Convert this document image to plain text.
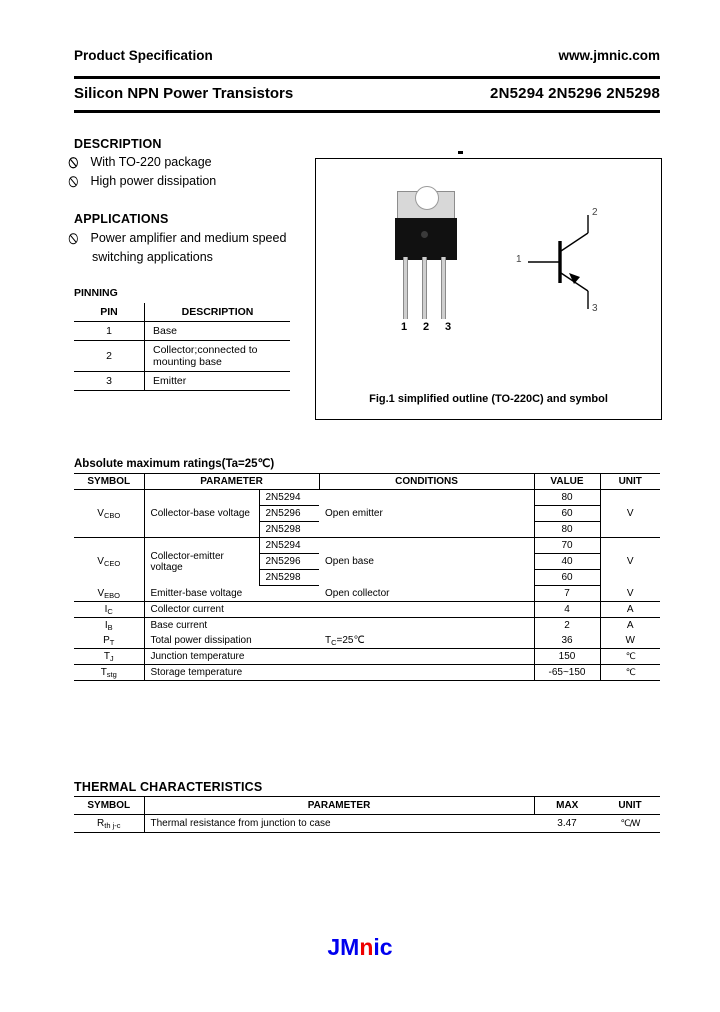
Product Specification	www.jmnic.com
Silicon NPN Power Transistors	2N5294 2N5296 2N5298
DESCRIPTION
With TO-220 package
High power dissipation
APPLICATIONS
Power amplifier and medium speed
switching applications
PINNING
PIN	DESCRIPTION
1	Base
2	Collector;connected to mounting base
3	Emitter
1 2 3
1
2
3
Fig.1 simplified outline (TO-220C) and symbol
Absolute maximum ratings(Ta=25℃)
SYMBOL	PARAMETER		CONDITIONS	VALUE	UNIT
$V_{CBO}$	Collector-base voltage	2N5294	Open emitter	80	V
		2N5296		60	
		2N5298		80	
$V_{CEO}$	Collector-emitter voltage	2N5294	Open base	70	V
		2N5296		40	
		2N5298		60	
$V_{EBO}$	Emitter-base voltage		Open collector	7	V
$I_C$	Collector current			4	A
$I_B$	Base current			2	A
$P_T$	Total power dissipation		$T_C=25℃$	36	W
$T_J$	Junction temperature			150	℃
$T_{stg}$	Storage temperature			-65~150	℃
THERMAL CHARACTERISTICS
SYMBOL	PARAMETER	MAX	UNIT
$R_{th j-c}$	Thermal resistance from junction to case	3.47	℃/W
JMnic
